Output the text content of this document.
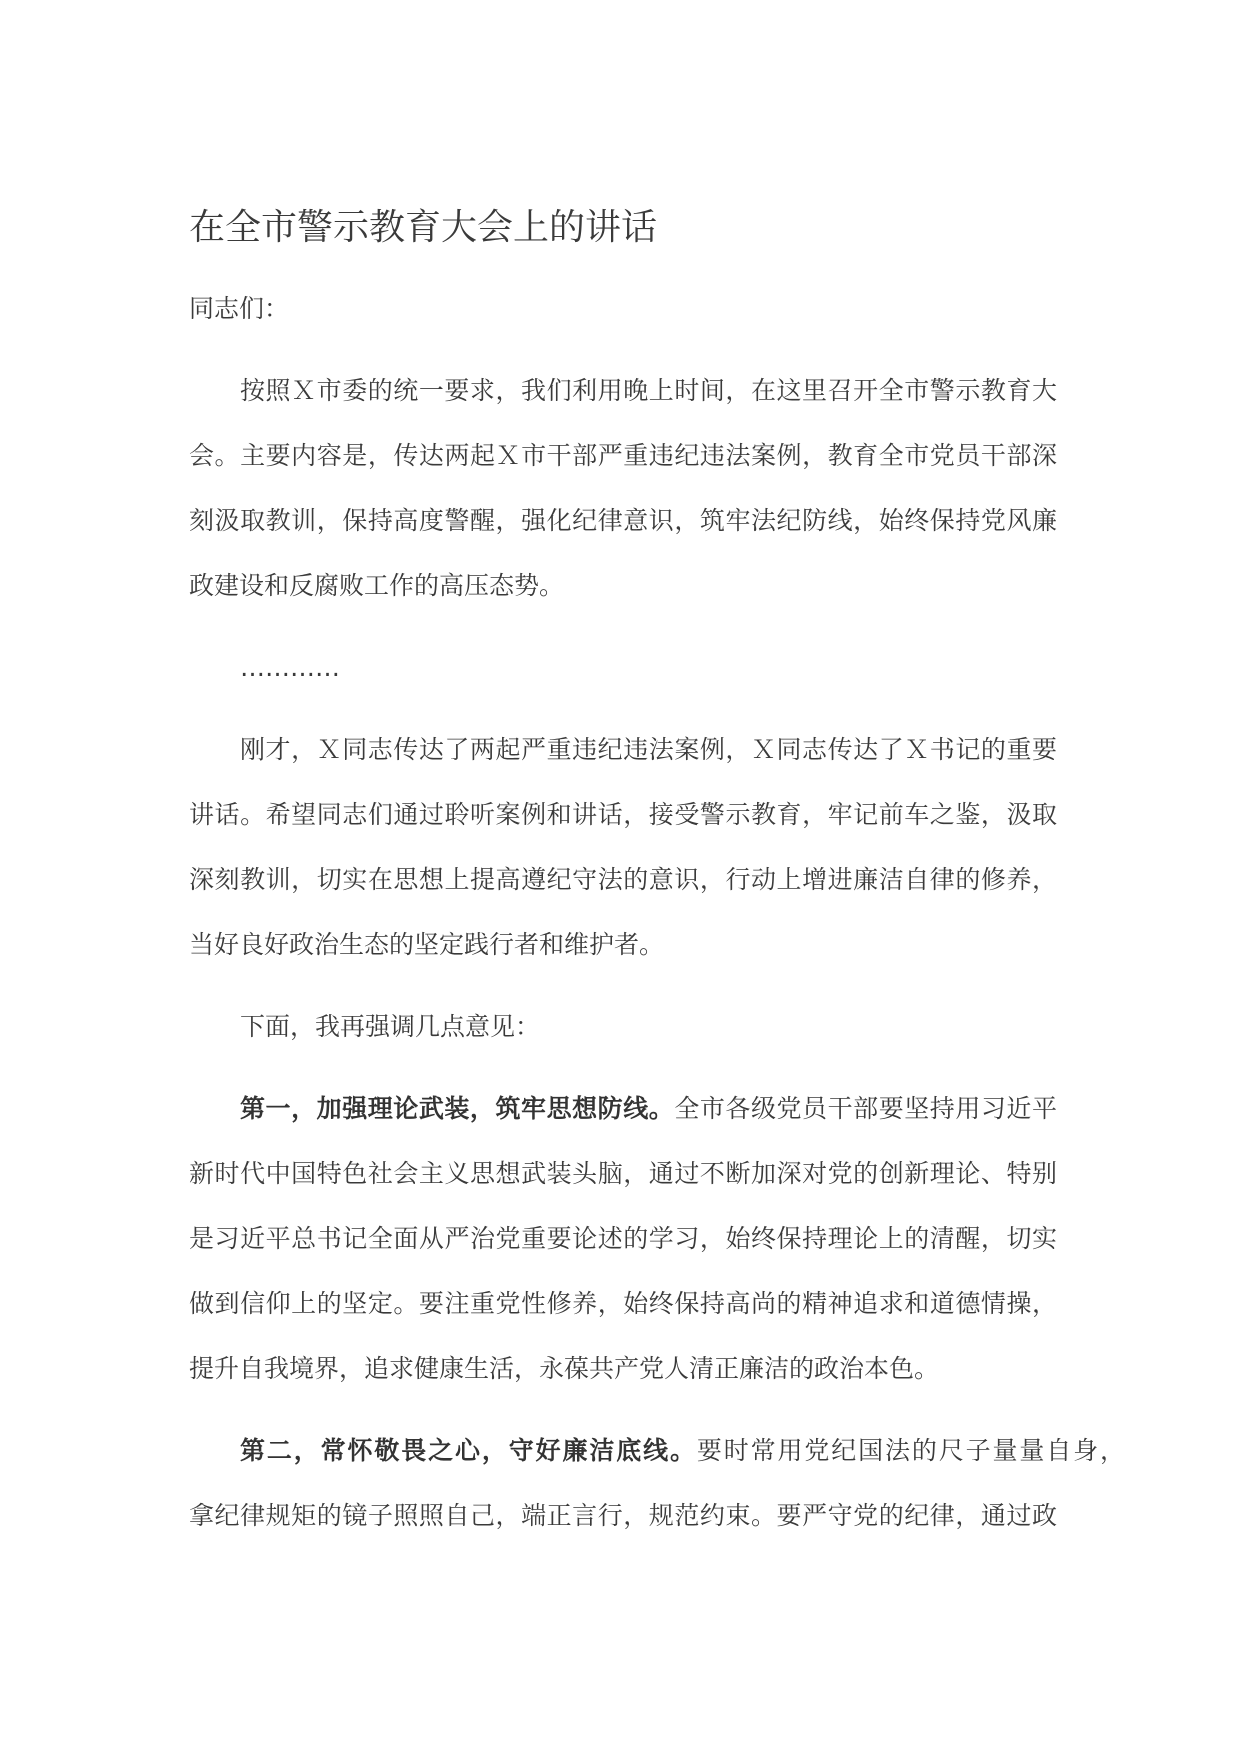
在全市警示教育大会上的讲话
同志们：
按照Ｘ市委的统一要求，我们利用晚上时间，在这里召开全市警示教育大
会。主要内容是，传达两起Ｘ市干部严重违纪违法案例，教育全市党员干部深
刻汲取教训，保持高度警醒，强化纪律意识，筑牢法纪防线，始终保持党风廉
政建设和反腐败工作的高压态势。
…………
刚才，Ｘ同志传达了两起严重违纪违法案例，Ｘ同志传达了Ｘ书记的重要
讲话。希望同志们通过聆听案例和讲话，接受警示教育，牢记前车之鉴，汲取
深刻教训，切实在思想上提高遵纪守法的意识，行动上增进廉洁自律的修养，
当好良好政治生态的坚定践行者和维护者。
下面，我再强调几点意见：
第一，加强理论武装，筑牢思想防线。全市各级党员干部要坚持用习近平
新时代中国特色社会主义思想武装头脑，通过不断加深对党的创新理论、特别
是习近平总书记全面从严治党重要论述的学习，始终保持理论上的清醒，切实
做到信仰上的坚定。要注重党性修养，始终保持高尚的精神追求和道德情操，
提升自我境界，追求健康生活，永葆共产党人清正廉洁的政治本色。
第二，常怀敬畏之心，守好廉洁底线。要时常用党纪国法的尺子量量自身，
拿纪律规矩的镜子照照自己，端正言行，规范约束。要严守党的纪律，通过政
